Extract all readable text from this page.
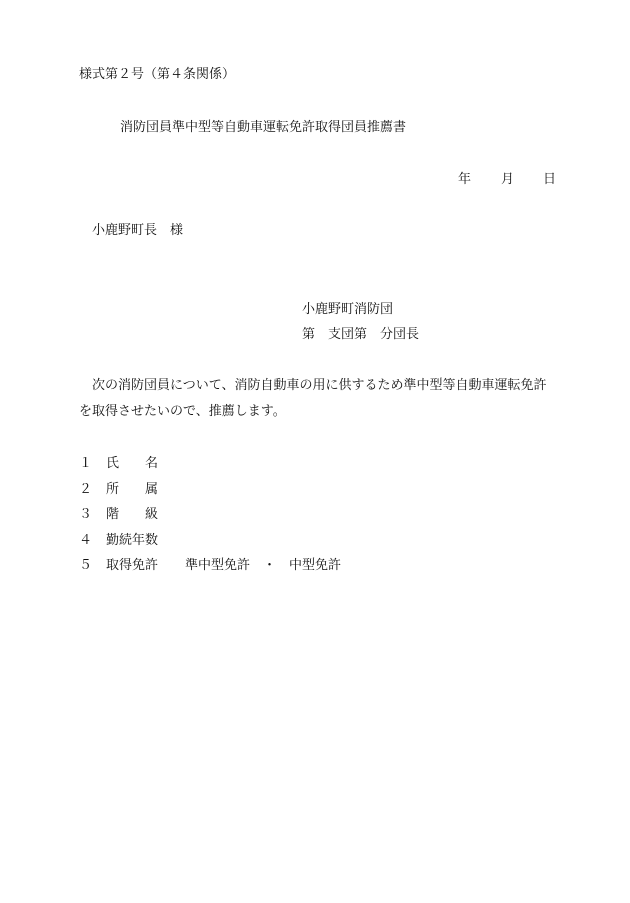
様式第２号（第４条関係）
消防団員準中型等自動車運転免許取得団員推薦書
年 月 日
小鹿野町長　様
小鹿野町消防団
第　支団第　分団長
次の消防団員について、消防自動車の用に供するため準中型等自動車運転免許
を取得させたいので、推薦します。
１	氏　　名
２	所　　属
３	階　　級
４	勤続年数
５	取得免許	準中型免許　・　中型免許
